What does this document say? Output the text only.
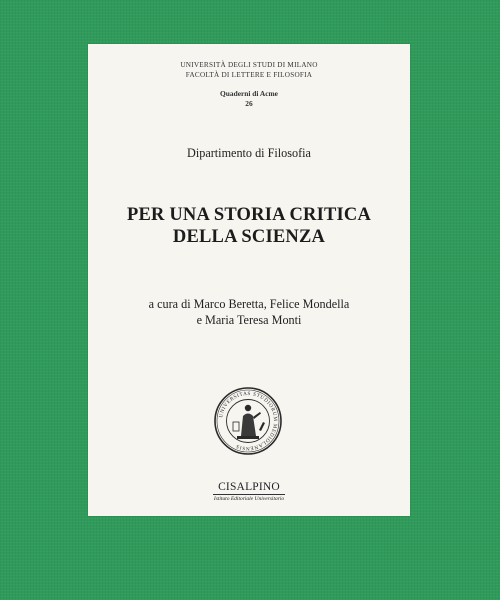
UNIVERSITÀ DEGLI STUDI DI MILANO
FACOLTÀ DI LETTERE E FILOSOFIA
Quaderni di Acme
26
Dipartimento di Filosofia
PER UNA STORIA CRITICA
DELLA SCIENZA
a cura di Marco Beretta, Felice Mondella
e Maria Teresa Monti
UNIVERSITAS STUDIORUM MEDIOLANENSIS
CISALPINO
Istituto Editoriale Universitario
